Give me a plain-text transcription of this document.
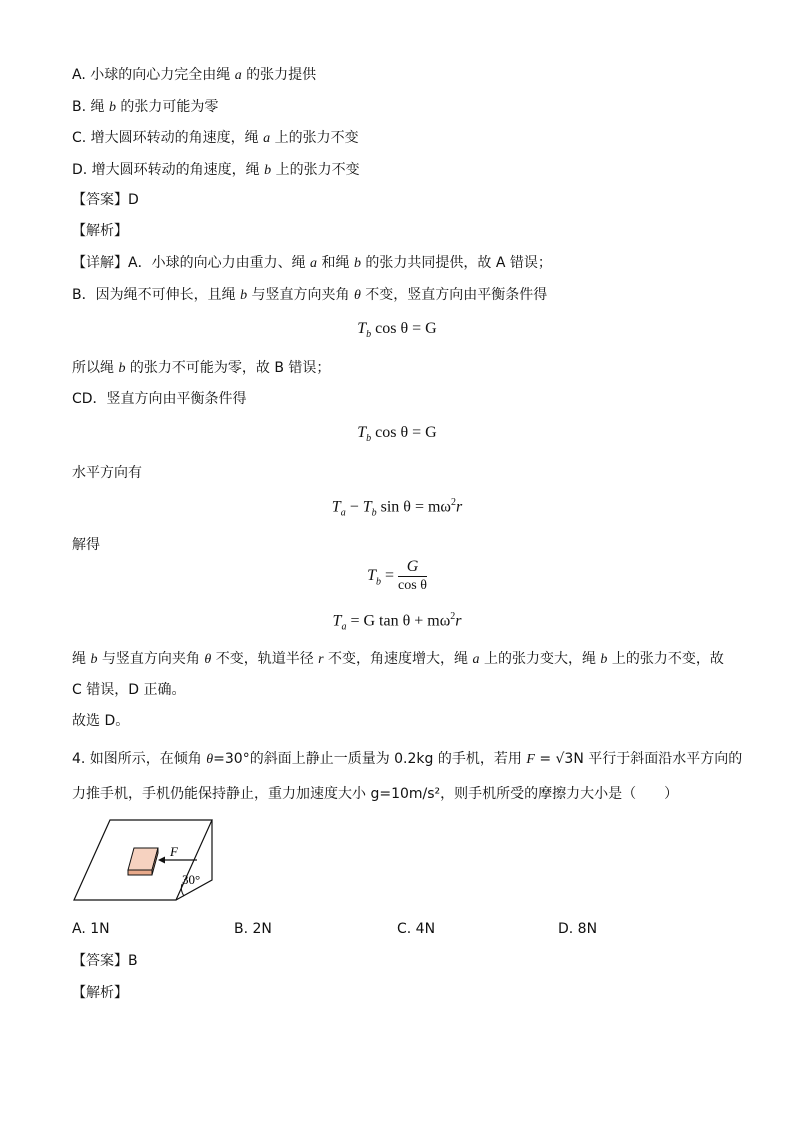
A. 小球的向心力完全由绳 a 的张力提供
B. 绳 b 的张力可能为零
C. 增大圆环转动的角速度，绳 a 上的张力不变
D. 增大圆环转动的角速度，绳 b 上的张力不变
【答案】D
【解析】
【详解】A．小球的向心力由重力、绳 a 和绳 b 的张力共同提供，故 A 错误；
B．因为绳不可伸长，且绳 b 与竖直方向夹角 θ 不变，竖直方向由平衡条件得
$T_b$ cos θ = G
所以绳 b 的张力不可能为零，故 B 错误；
CD．竖直方向由平衡条件得
$T_b$ cos θ = G
水平方向有
$T_a - T_b$ $\sin \theta = m\omega^2r$
解得
$T_b = \frac{G}{\text{cos θ}}$
$T_a = G$ $\tan \theta + m\omega^2r$
绳 b 与竖直方向夹角 θ 不变，轨道半径 r 不变，角速度增大，绳 a 上的张力变大，绳 b 上的张力不变，故
C 错误，D 正确。
故选 D。
4. 如图所示，在倾角 θ=30°的斜面上静止一质量为 0.2kg 的手机，若用 F = √3N 平行于斜面沿水平方向的
力推手机，手机仍能保持静止，重力加速度大小 g=10m/s²，则手机所受的摩擦力大小是（　　）
F
30°
A. 1N	B. 2N	C. 4N	D. 8N
【答案】B
【解析】
